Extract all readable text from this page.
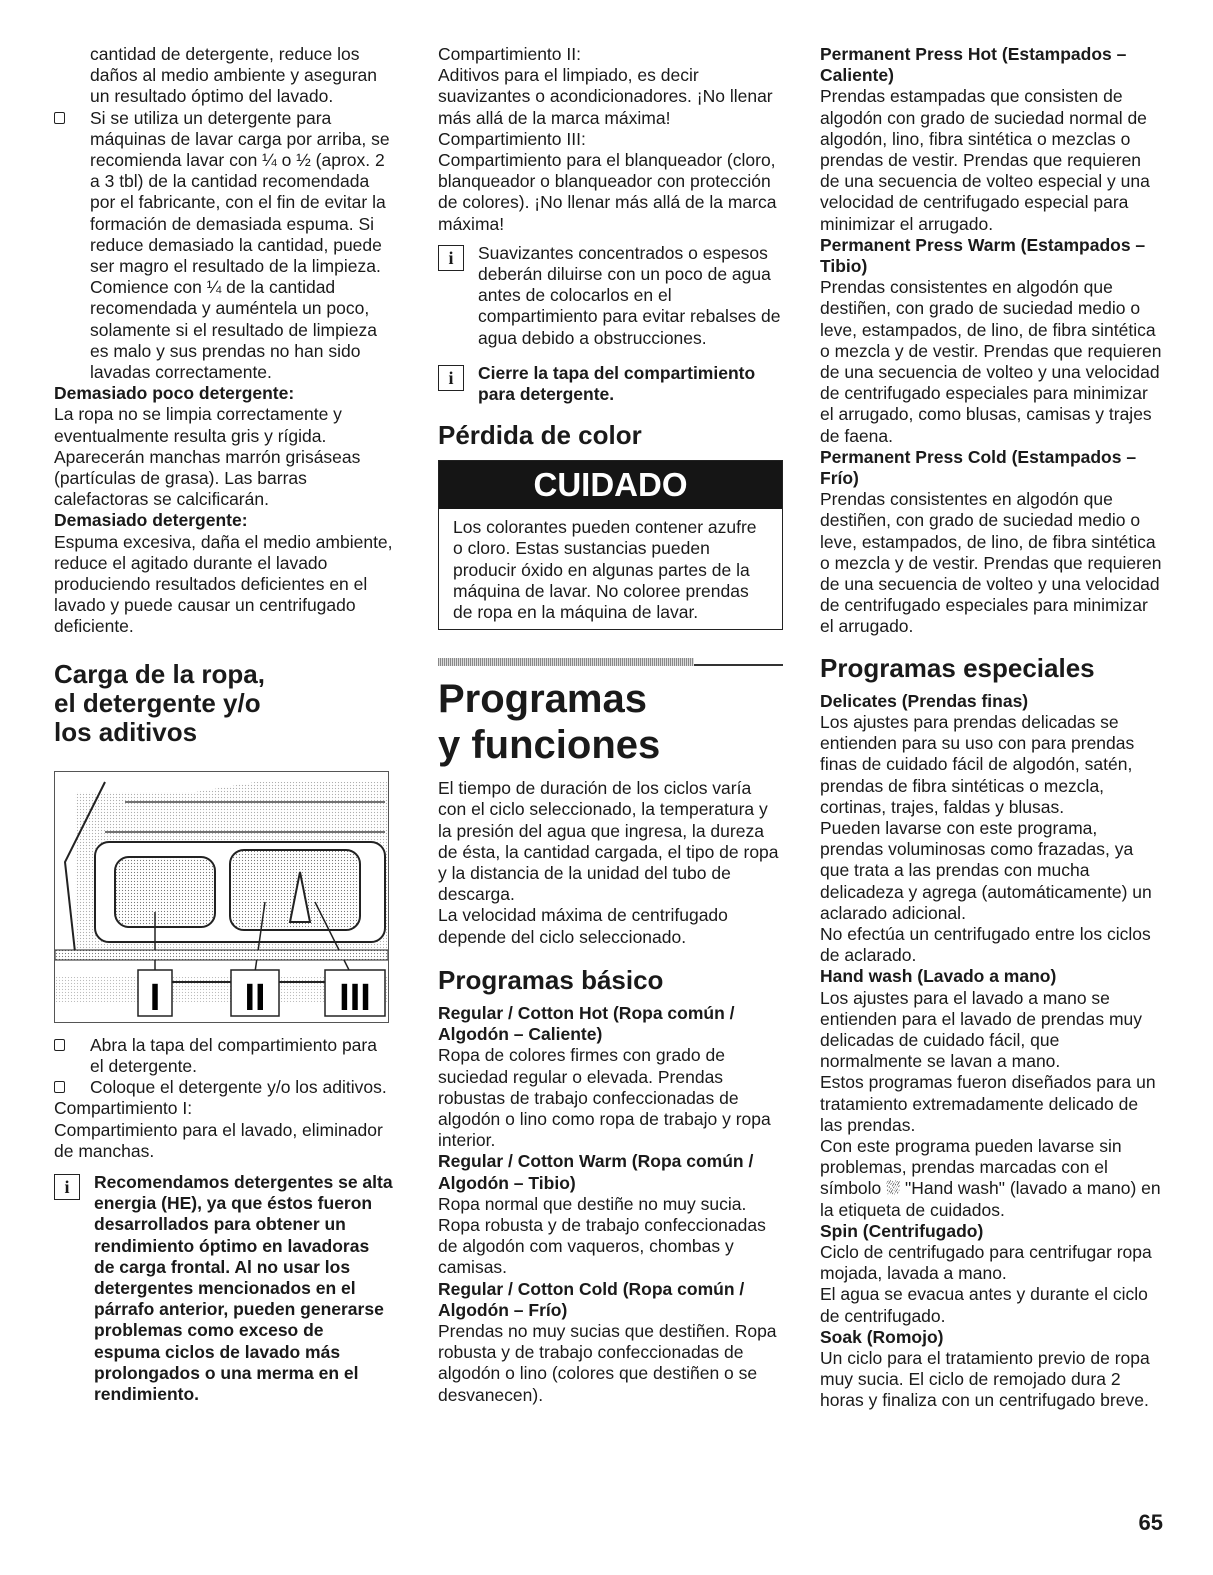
cantidad de detergente, reduce los daños al medio ambiente y aseguran un resultado óptimo del lavado.

Si se utiliza un detergente para máquinas de lavar carga por arriba, se recomienda lavar con ¼ o ½ (aprox. 2 a 3 tbl) de la cantidad recomendada por el fabricante, con el fin de evitar la formación de demasiada espuma. Si reduce demasiado la cantidad, puede ser magro el resultado de la limpieza. Comience con ¼ de la cantidad recomendada y auméntela un poco, solamente si el resultado de limpieza es malo y sus prendas no han sido lavadas correctamente.

Demasiado poco detergente:

La ropa no se limpia correctamente y eventualmente resulta gris y rígida. Aparecerán manchas marrón grisáseas (partículas de grasa). Las barras calefactoras se calcificarán.

Demasiado detergente:

Espuma excesiva, daña el medio ambiente, reduce el agitado durante el lavado produciendo resultados deficientes en el lavado y puede causar un centrifugado deficiente.

Carga de la ropa,
el detergente y/o
los aditivos
I II III

Abra la tapa del compartimiento para el detergente.

Coloque el detergente y/o los aditivos.

Compartimiento I:

Compartimiento para el lavado, eliminador de manchas.

i	Recomendamos detergentes se alta energia (HE), ya que éstos fueron desarrollados para obtener un rendimiento óptimo en lavadoras de carga frontal. Al no usar los detergentes mencionados en el párrafo anterior, pueden generarse problemas como exceso de espuma ciclos de lavado más prolongados o una merma en el rendimiento.

Compartimiento II:

Aditivos para el limpiado, es decir suavizantes o acondicionadores. ¡No llenar más allá de la marca máxima!

Compartimiento III:

Compartimiento para el blanqueador (cloro, blanqueador o blanqueador con protección de colores). ¡No llenar más allá de la marca máxima!

i	Suavizantes concentrados o espesos deberán diluirse con un poco de agua antes de colocarlos en el compartimiento para evitar rebalses de agua debido a obstrucciones.

i	Cierre la tapa del compartimiento para detergente.

Pérdida de color
CUIDADO
Los colorantes pueden contener azufre o cloro. Estas sustancias pueden producir óxido en algunas partes de la máquina de lavar. No coloree prendas de ropa en la máquina de lavar.
Programas
y funciones

El tiempo de duración de los ciclos varía con el ciclo seleccionado, la temperatura y la presión del agua que ingresa, la dureza de ésta, la cantidad cargada, el tipo de ropa y la distancia de la unidad del tubo de descarga.

La velocidad máxima de centrifugado depende del ciclo seleccionado.

Programas básico

Regular / Cotton Hot (Ropa común / Algodón – Caliente)

Ropa de colores firmes con grado de suciedad regular o elevada. Prendas robustas de trabajo confeccionadas de algodón o lino como ropa de trabajo y ropa interior.

Regular / Cotton Warm (Ropa común / Algodón – Tibio)

Ropa normal que destiñe no muy sucia. Ropa robusta y de trabajo confeccionadas de algodón com vaqueros, chombas y camisas.

Regular / Cotton Cold (Ropa común / Algodón – Frío)

Prendas no muy sucias que destiñen. Ropa robusta y de trabajo confeccionadas de algodón o lino (colores que destiñen o se desvanecen).

Permanent Press Hot (Estampados – Caliente)

Prendas estampadas que consisten de algodón con grado de suciedad normal de algodón, lino, fibra sintética o mezclas o prendas de vestir. Prendas que requieren de una secuencia de volteo especial y una velocidad de centrifugado especial para minimizar el arrugado.

Permanent Press Warm (Estampados – Tibio)

Prendas consistentes en algodón que destiñen, con grado de suciedad medio o leve, estampados, de lino, de fibra sintética o mezcla y de vestir. Prendas que requieren de una secuencia de volteo y una velocidad de centrifugado especiales para minimizar el arrugado, como blusas, camisas y trajes de faena.

Permanent Press Cold (Estampados – Frío)

Prendas consistentes en algodón que destiñen, con grado de suciedad medio o leve, estampados, de lino, de fibra sintética o mezcla y de vestir. Prendas que requieren de una secuencia de volteo y una velocidad de centrifugado especiales para minimizar el arrugado.

Programas especiales

Delicates (Prendas finas)

Los ajustes para prendas delicadas se entienden para su uso con para prendas finas de cuidado fácil de algodón, satén, prendas de fibra sintéticas o mezcla, cortinas, trajes, faldas y blusas.

Pueden lavarse con este programa, prendas voluminosas como frazadas, ya que trata a las prendas con mucha delicadeza y agrega (automáticamente) un aclarado adicional.

No efectúa un centrifugado entre los ciclos de aclarado.

Hand wash (Lavado a mano)

Los ajustes para el lavado a mano se entienden para el lavado de prendas muy delicadas de cuidado fácil, que normalmente se lavan a mano.

Estos programas fueron diseñados para un tratamiento extremadamente delicado de las prendas.

Con este programa pueden lavarse sin problemas, prendas marcadas con el símbolo ⛆ "Hand wash" (lavado a mano) en la etiqueta de cuidados.

Spin (Centrifugado)

Ciclo de centrifugado para centrifugar ropa mojada, lavada a mano.

El agua se evacua antes y durante el ciclo de centrifugado.

Soak (Romojo)

Un ciclo para el tratamiento previo de ropa muy sucia. El ciclo de remojado dura 2 horas y finaliza con un centrifugado breve.

65
